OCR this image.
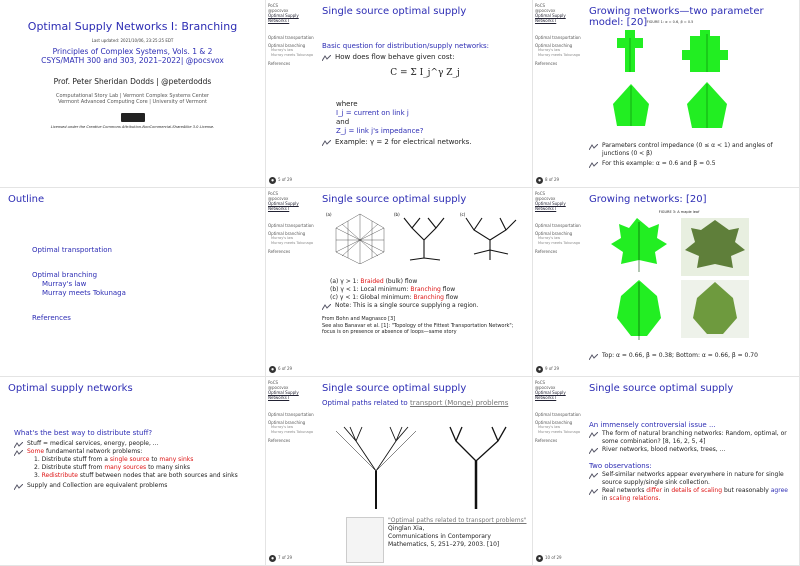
Optimal Supply Networks I: Branching
Last updated: 2021/10/06, 23:25:25 EDT
Principles of Complex Systems, Vols. 1 & 2
CSYS/MATH 300 and 303, 2021–2022| @pocsvox
Prof. Peter Sheridan Dodds | @peterdodds
Computational Story Lab | Vermont Complex Systems Center
Vermont Advanced Computing Core | University of Vermont
Licensed under the Creative Commons Attribution-NonCommercial-ShareAlike 3.0 License.
PoCS
@pocsvox
Optimal Supply Networks I
Optimal transportation
Optimal branching
Murray's law
Murray meets Tokunaga
References
● 5 of 29
Single source optimal supply
Basic question for distribution/supply networks:
How does flow behave given cost:
C = Σ I_j^γ Z_j
where
I_j = current on link j
and
Z_j = link j's impedance?
Example: γ = 2 for electrical networks.
PoCS
@pocsvox
Optimal Supply Networks I
Optimal transportation
Optimal branching
Murray's law
Murray meets Tokunaga
References
● 8 of 29
Growing networks—two parameter model: [20] FIGURE 1: α = 0.6, β = 0.5
Parameters control impedance (0 ≤ α < 1) and angles of junctions (0 < β)
For this example: α = 0.6 and β = 0.5
Outline
Optimal transportation
Optimal branching
Murray's law
Murray meets Tokunaga
References
PoCS
@pocsvox
Optimal Supply Networks I
Optimal transportation
Optimal branching
Murray's law
Murray meets Tokunaga
References
● 6 of 29
Single source optimal supply
(a)	(b)	(c)
(a) γ > 1: Braided (bulk) flow
(b) γ < 1: Local minimum: Branching flow
(c) γ < 1: Global minimum: Branching flow
Note: This is a single source supplying a region.
From Bohn and Magnasco [3]
See also Banavar et al. [1]: "Topology of the Fittest Transportation Network"; focus is on presence or absence of loops—same story
PoCS
@pocsvox
Optimal Supply Networks I
Optimal transportation
Optimal branching
Murray's law
Murray meets Tokunaga
References
● 9 of 29
Growing networks: [20]
FIGURE 3: A maple leaf
Top: α = 0.66, β = 0.38; Bottom: α = 0.66, β = 0.70
Optimal supply networks
What's the best way to distribute stuff?
Stuff = medical services, energy, people, ...
Some fundamental network problems:
1. Distribute stuff from a single source to many sinks
2. Distribute stuff from many sources to many sinks
3. Redistribute stuff between nodes that are both sources and sinks
Supply and Collection are equivalent problems
PoCS
@pocsvox
Optimal Supply Networks I
Optimal transportation
Optimal branching
Murray's law
Murray meets Tokunaga
References
● 7 of 29
Single source optimal supply
Optimal paths related to transport (Monge) problems
"Optimal paths related to transport problems"
Qinglan Xia,
Communications in Contemporary Mathematics, 5, 251–279, 2003. [10]
PoCS
@pocsvox
Optimal Supply Networks I
Optimal transportation
Optimal branching
Murray's law
Murray meets Tokunaga
References
● 10 of 29
Single source optimal supply
An immensely controversial issue ...
The form of natural branching networks: Random, optimal, or some combination? [8, 16, 2, 5, 4]
River networks, blood networks, trees, ...
Two observations:
Self-similar networks appear everywhere in nature for single source supply/single sink collection.
Real networks differ in details of scaling but reasonably agree in scaling relations.
